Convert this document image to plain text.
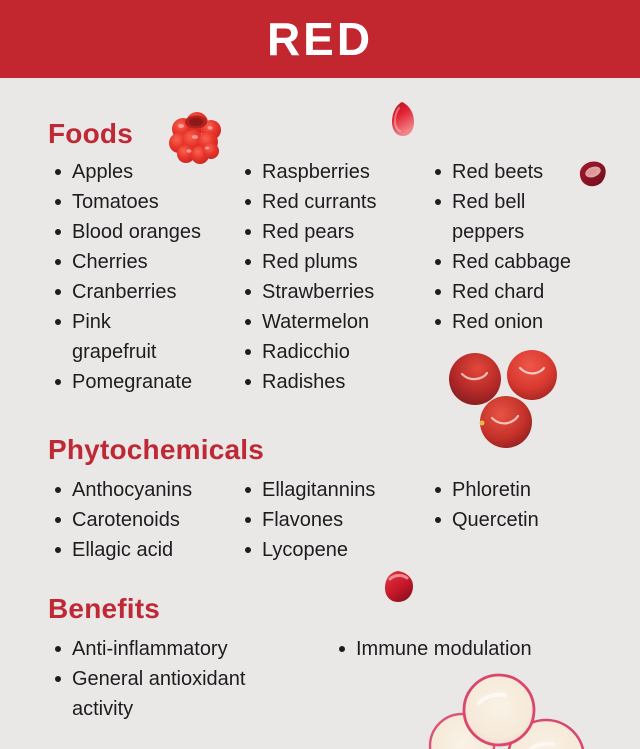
RED
Foods
Apples
Tomatoes
Blood oranges
Cherries
Cranberries
Pink grapefruit
Pomegranate
Raspberries
Red currants
Red pears
Red plums
Strawberries
Watermelon
Radicchio
Radishes
Red beets
Red bell peppers
Red cabbage
Red chard
Red onion
Phytochemicals
Anthocyanins
Carotenoids
Ellagic acid
Ellagitannins
Flavones
Lycopene
Phloretin
Quercetin
Benefits
Anti-inflammatory
General antioxidant activity
Immune modulation
